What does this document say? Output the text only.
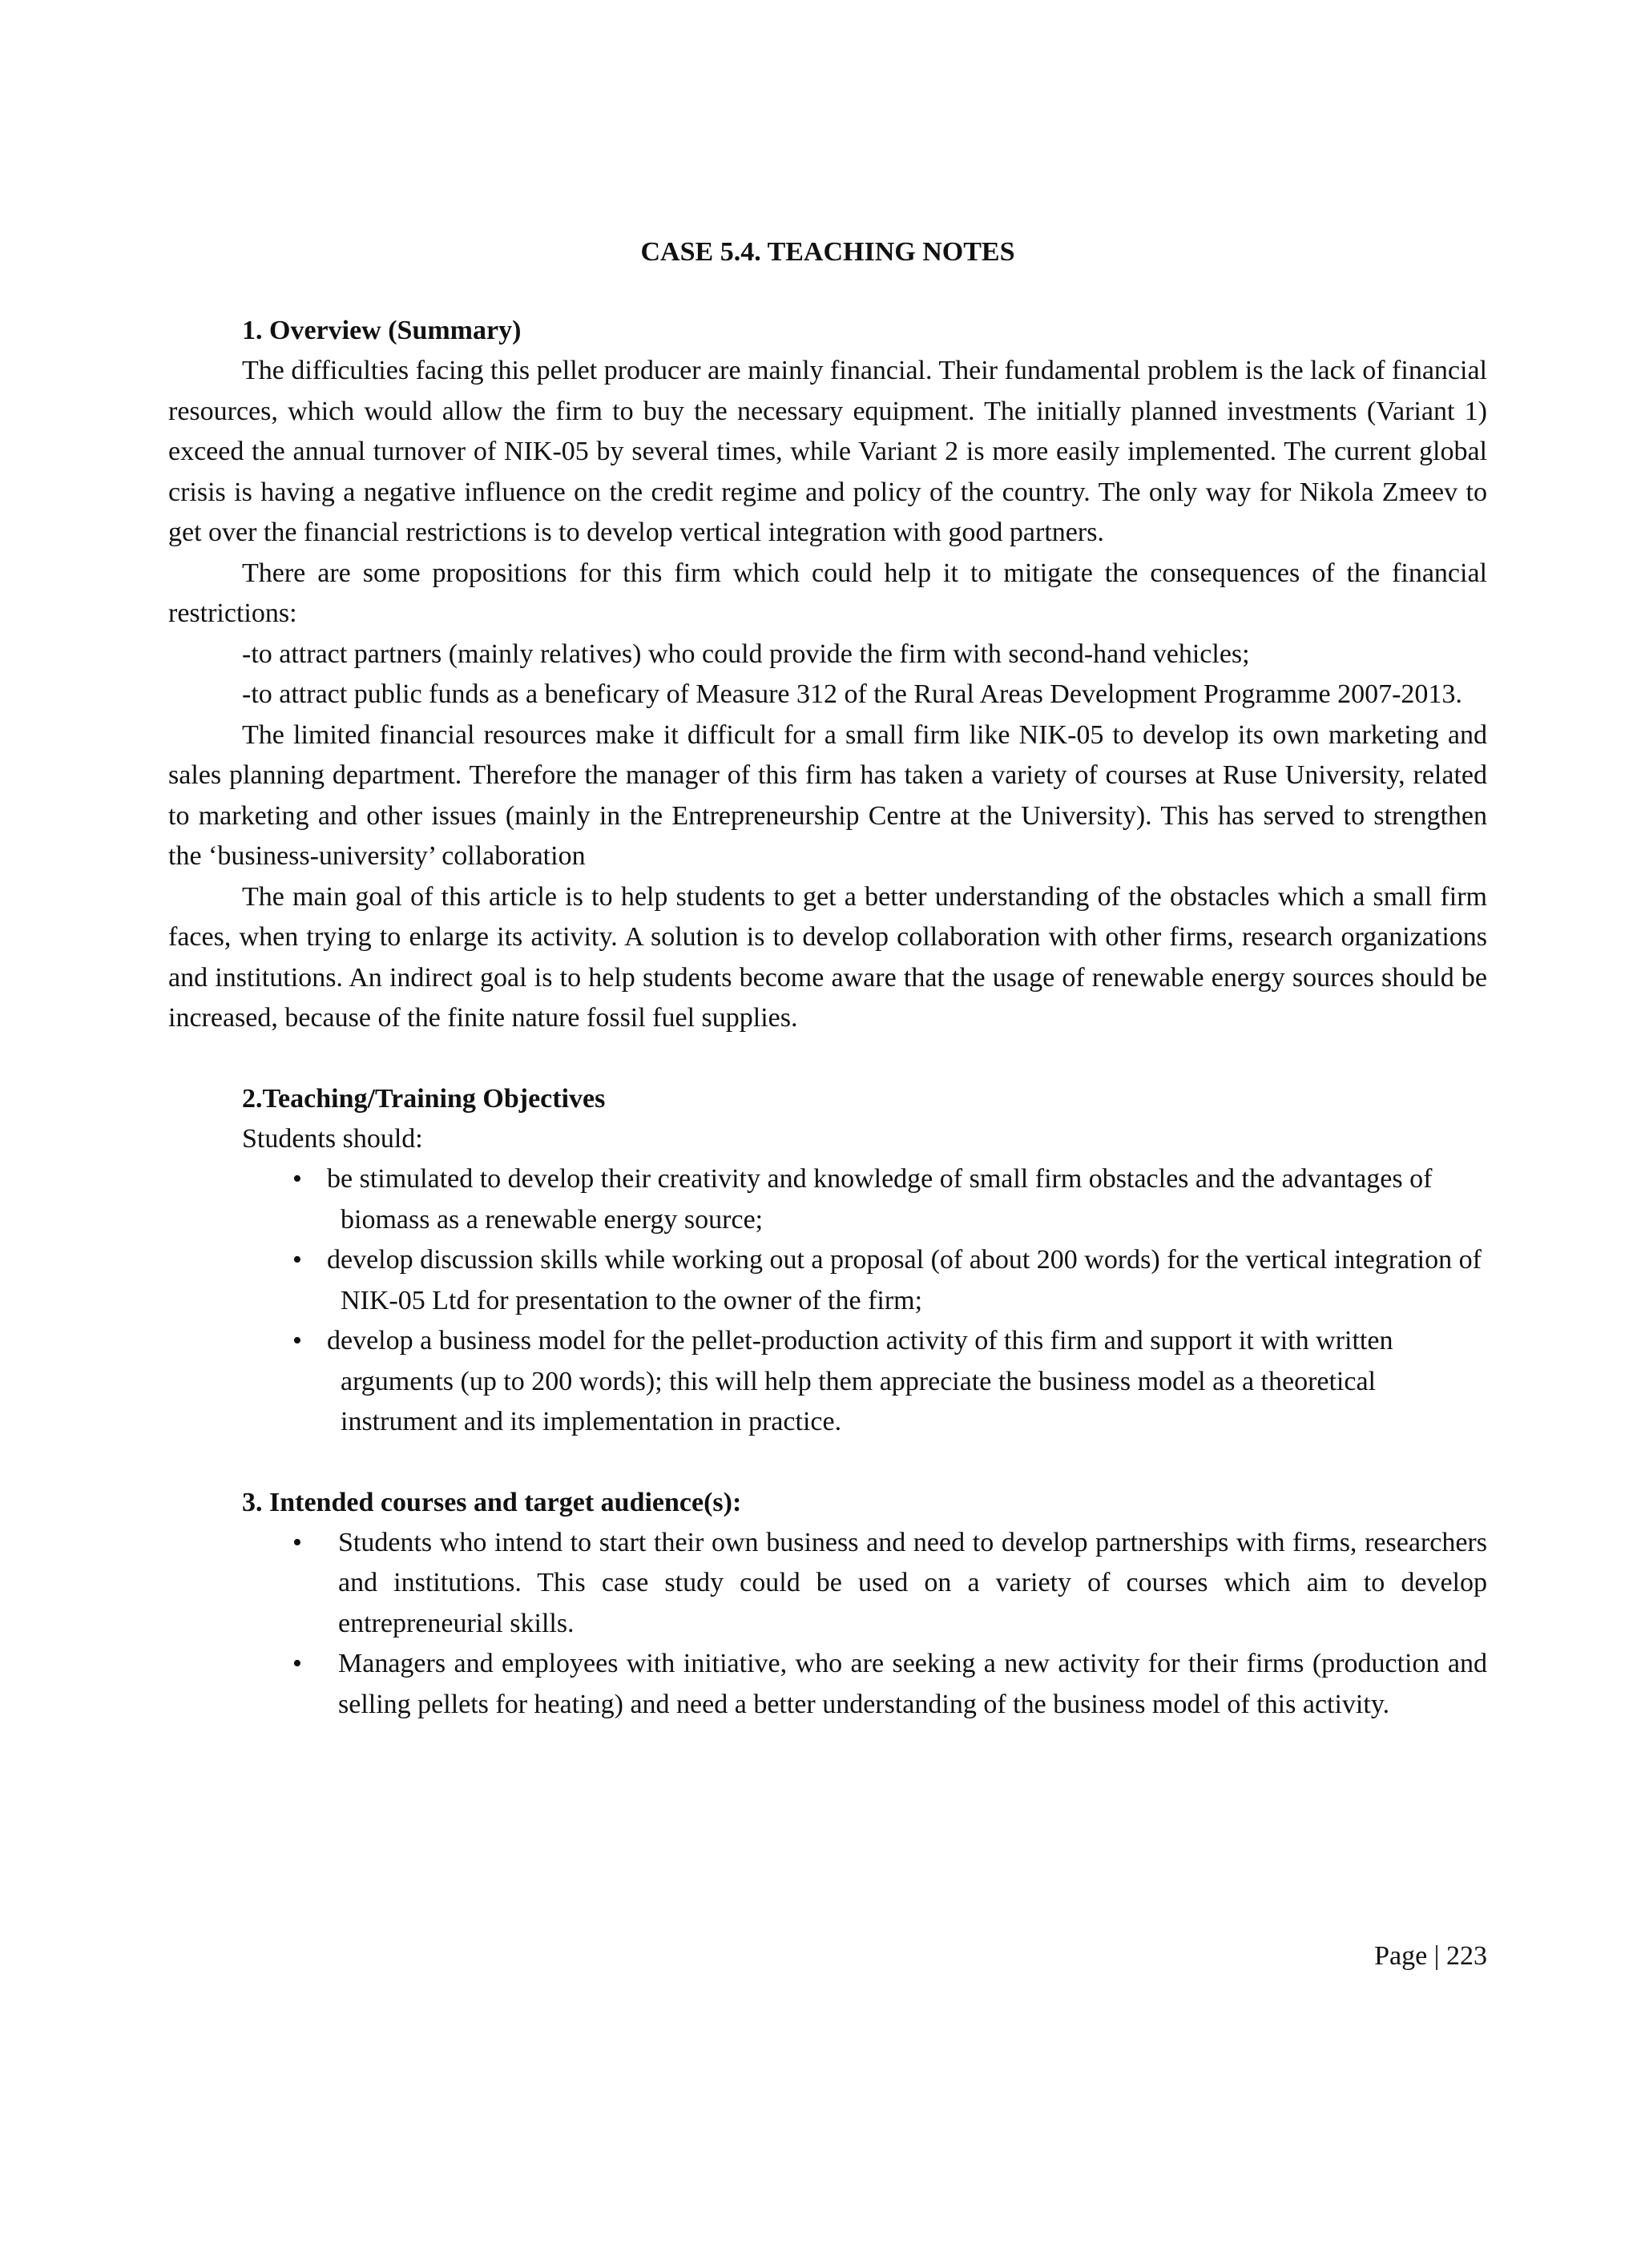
CASE 5.4. TEACHING NOTES
1. Overview (Summary)

The difficulties facing this pellet producer are mainly financial. Their fundamental problem is the lack of financial resources, which would allow the firm to buy the necessary equipment. The initially planned investments (Variant 1) exceed the annual turnover of NIK-05 by several times, while Variant 2 is more easily implemented. The current global crisis is having a negative influence on the credit regime and policy of the country. The only way for Nikola Zmeev to get over the financial restrictions is to develop vertical integration with good partners.

There are some propositions for this firm which could help it to mitigate the consequences of the financial restrictions:

-to attract partners (mainly relatives) who could provide the firm with second-hand vehicles;

-to attract public funds as a beneficary of Measure 312 of the Rural Areas Development Programme 2007-2013.

The limited financial resources make it difficult for a small firm like NIK-05 to develop its own marketing and sales planning department. Therefore the manager of this firm has taken a variety of courses at Ruse University, related to marketing and other issues (mainly in the Entrepreneurship Centre at the University). This has served to strengthen the ‘business-university’ collaboration

The main goal of this article is to help students to get a better understanding of the obstacles which a small firm faces, when trying to enlarge its activity. A solution is to develop collaboration with other firms, research organizations and institutions. An indirect goal is to help students become aware that the usage of renewable energy sources should be increased, because of the finite nature fossil fuel supplies.

2.Teaching/Training Objectives

Students should:

• be stimulated to develop their creativity and knowledge of small firm obstacles and the advantages of biomass as a renewable energy source;
• develop discussion skills while working out a proposal (of about 200 words) for the vertical integration of NIK-05 Ltd for presentation to the owner of the firm;
• develop a business model for the pellet-production activity of this firm and support it with written arguments (up to 200 words); this will help them appreciate the business model as a theoretical instrument and its implementation in practice.
3. Intended courses and target audience(s):
• Students who intend to start their own business and need to develop partnerships with firms, researchers and institutions. This case study could be used on a variety of courses which aim to develop entrepreneurial skills.
• Managers and employees with initiative, who are seeking a new activity for their firms (production and selling pellets for heating) and need a better understanding of the business model of this activity.
Page | 223
